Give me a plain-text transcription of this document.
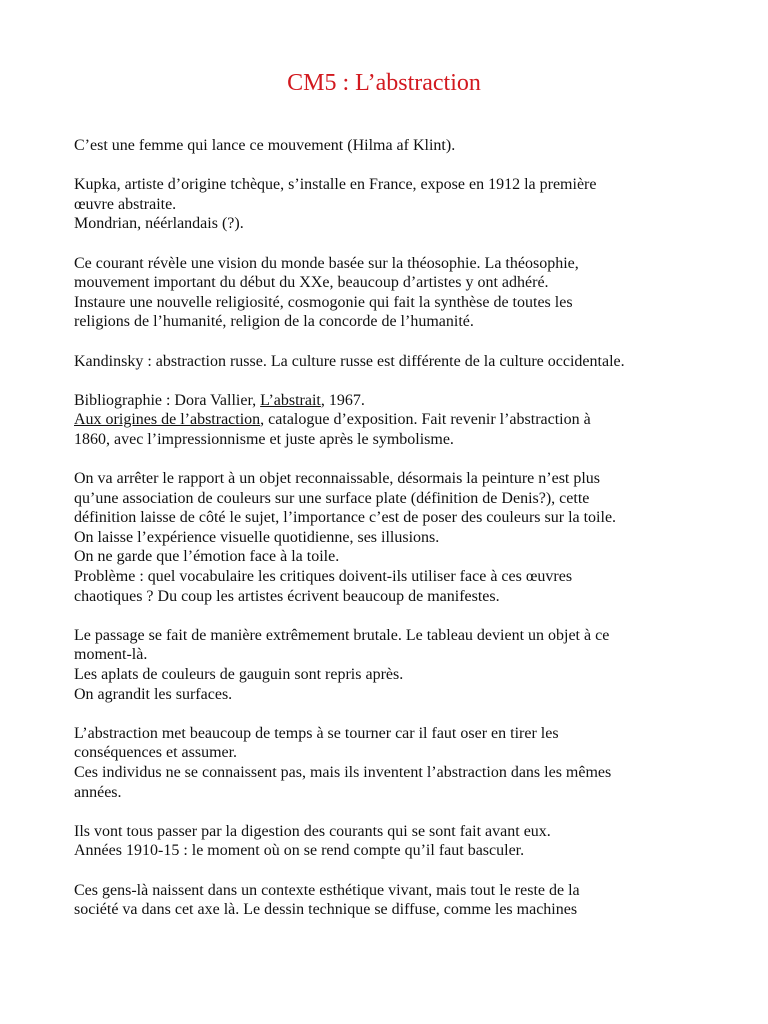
CM5 : L’abstraction

C’est une femme qui lance ce mouvement (Hilma af Klint).

Kupka, artiste d’origine tchèque, s’installe en France, expose en 1912 la première
œuvre abstraite.
Mondrian, néérlandais (?).

Ce courant révèle une vision du monde basée sur la théosophie. La théosophie,
mouvement important du début du XXe, beaucoup d’artistes y ont adhéré.
Instaure une nouvelle religiosité, cosmogonie qui fait la synthèse de toutes les
religions de l’humanité, religion de la concorde de l’humanité.

Kandinsky : abstraction russe. La culture russe est différente de la culture occidentale.

Bibliographie : Dora Vallier, L’abstrait, 1967.
Aux origines de l’abstraction, catalogue d’exposition. Fait revenir l’abstraction à
1860, avec l’impressionnisme et juste après le symbolisme.

On va arrêter le rapport à un objet reconnaissable, désormais la peinture n’est plus
qu’une association de couleurs sur une surface plate (définition de Denis?), cette
définition laisse de côté le sujet, l’importance c’est de poser des couleurs sur la toile.
On laisse l’expérience visuelle quotidienne, ses illusions.
On ne garde que l’émotion face à la toile.
Problème : quel vocabulaire les critiques doivent-ils utiliser face à ces œuvres
chaotiques ? Du coup les artistes écrivent beaucoup de manifestes.

Le passage se fait de manière extrêmement brutale. Le tableau devient un objet à ce
moment-là.
Les aplats de couleurs de gauguin sont repris après.
On agrandit les surfaces.

L’abstraction met beaucoup de temps à se tourner car il faut oser en tirer les
conséquences et assumer.
Ces individus ne se connaissent pas, mais ils inventent l’abstraction dans les mêmes
années.

Ils vont tous passer par la digestion des courants qui se sont fait avant eux.
Années 1910-15 : le moment où on se rend compte qu’il faut basculer.

Ces gens-là naissent dans un contexte esthétique vivant, mais tout le reste de la
société va dans cet axe là. Le dessin technique se diffuse, comme les machines
